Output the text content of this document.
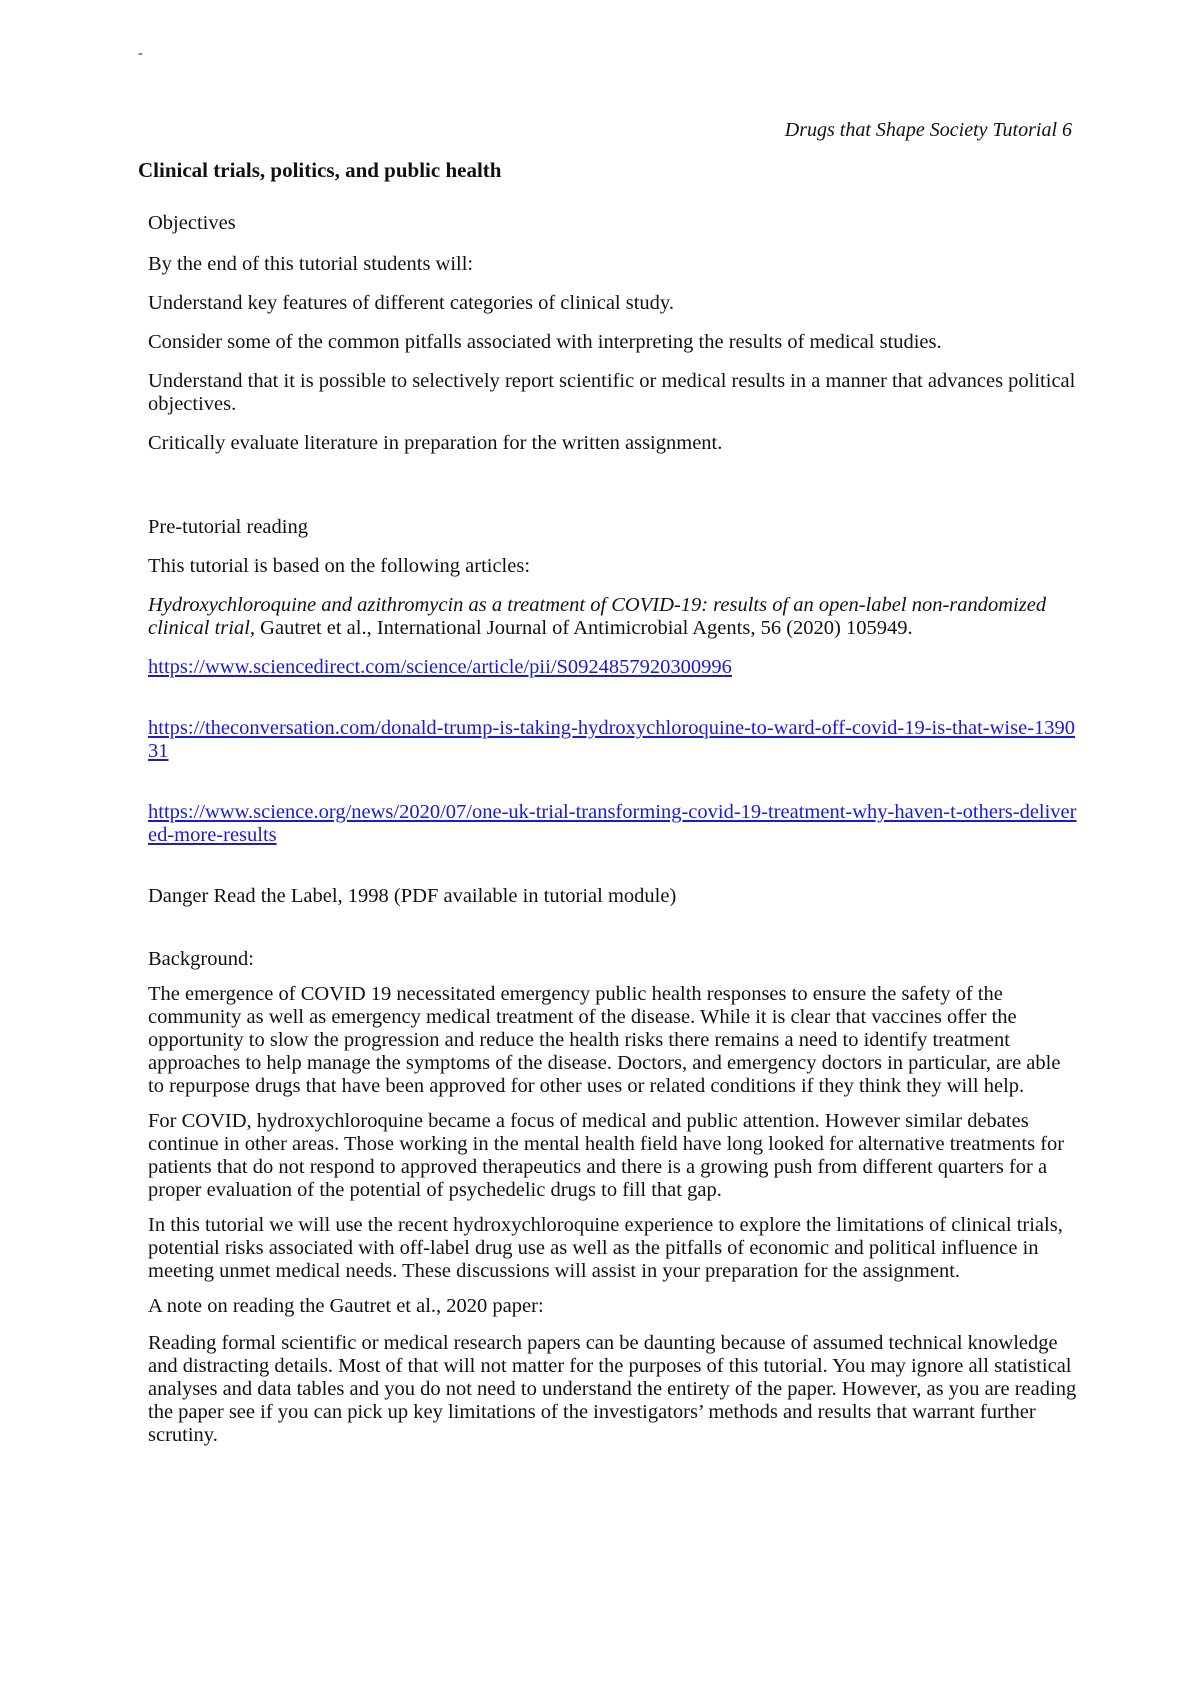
-
Drugs that Shape Society Tutorial 6
Clinical trials, politics, and public health

Objectives

By the end of this tutorial students will:

Understand key features of different categories of clinical study.

Consider some of the common pitfalls associated with interpreting the results of medical studies.

Understand that it is possible to selectively report scientific or medical results in a manner that advances political objectives.

Critically evaluate literature in preparation for the written assignment.

Pre-tutorial reading

This tutorial is based on the following articles:

Hydroxychloroquine and azithromycin as a treatment of COVID-19: results of an open-label non-randomized clinical trial, Gautret et al., International Journal of Antimicrobial Agents, 56 (2020) 105949.

https://www.sciencedirect.com/science/article/pii/S0924857920300996
https://theconversation.com/donald-trump-is-taking-hydroxychloroquine-to-ward-off-covid-19-is-that-wise-139031
https://www.science.org/news/2020/07/one-uk-trial-transforming-covid-19-treatment-why-haven-t-others-delivered-more-results

Danger Read the Label, 1998 (PDF available in tutorial module)

Background:

The emergence of COVID 19 necessitated emergency public health responses to ensure the safety of the community as well as emergency medical treatment of the disease. While it is clear that vaccines offer the opportunity to slow the progression and reduce the health risks there remains a need to identify treatment approaches to help manage the symptoms of the disease. Doctors, and emergency doctors in particular, are able to repurpose drugs that have been approved for other uses or related conditions if they think they will help.

For COVID, hydroxychloroquine became a focus of medical and public attention. However similar debates continue in other areas. Those working in the mental health field have long looked for alternative treatments for patients that do not respond to approved therapeutics and there is a growing push from different quarters for a proper evaluation of the potential of psychedelic drugs to fill that gap.

In this tutorial we will use the recent hydroxychloroquine experience to explore the limitations of clinical trials, potential risks associated with off-label drug use as well as the pitfalls of economic and political influence in meeting unmet medical needs. These discussions will assist in your preparation for the assignment.

A note on reading the Gautret et al., 2020 paper:

Reading formal scientific or medical research papers can be daunting because of assumed technical knowledge and distracting details. Most of that will not matter for the purposes of this tutorial. You may ignore all statistical analyses and data tables and you do not need to understand the entirety of the paper. However, as you are reading the paper see if you can pick up key limitations of the investigators’ methods and results that warrant further scrutiny.
